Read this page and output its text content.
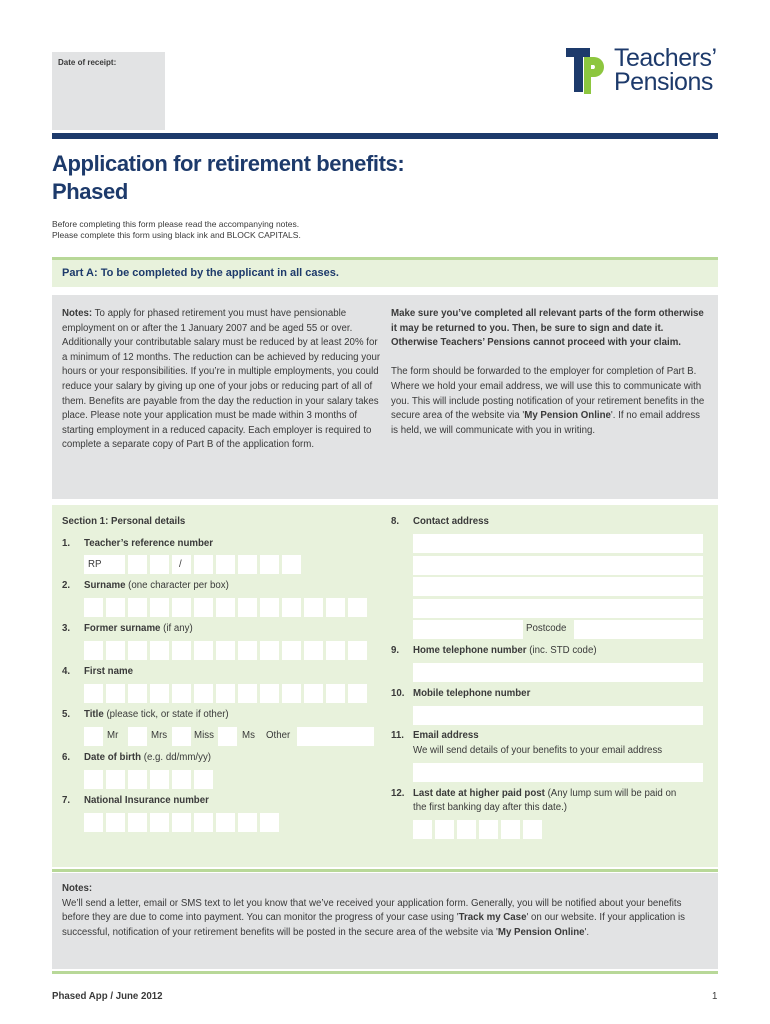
Date of receipt:	Teachers’
Pensions
Application for retirement benefits:
Phased
Before completing this form please read the accompanying notes.
Please complete this form using black ink and BLOCK CAPITALS.
Part A: To be completed by the applicant in all cases.
Notes: To apply for phased retirement you must have pensionable employment on or after the 1 January 2007 and be aged 55 or over. Additionally your contributable salary must be reduced by at least 20% for a minimum of 12 months. The reduction can be achieved by reducing your hours or your responsibilities. If you’re in multiple employments, you could reduce your salary by giving up one of your jobs or reducing part of all of them. Benefits are payable from the day the reduction in your salary takes place. Please note your application must be made within 3 months of starting employment in a reduced capacity. Each employer is required to complete a separate copy of Part B of the application form.
Make sure you’ve completed all relevant parts of the form otherwise it may be returned to you. Then, be sure to sign and date it. Otherwise Teachers’ Pensions cannot proceed with your claim.
The form should be forwarded to the employer for completion of Part B. Where we hold your email address, we will use this to communicate with you. This will include posting notification of your retirement benefits in the secure area of the website via 'My Pension Online'. If no email address is held, we will communicate with you in writing.
Section 1: Personal details
1. Teacher’s reference number
RP	/
2. Surname (one character per box)
3. Former surname (if any)
4. First name
5. Title (please tick, or state if other)
Mr	Mrs	Miss	Ms Other
6. Date of birth (e.g. dd/mm/yy)
7. National Insurance number
8. Contact address
Postcode
9. Home telephone number (inc. STD code)
10. Mobile telephone number
11. Email address
We will send details of your benefits to your email address
12. Last date at higher paid post (Any lump sum will be paid on
the first banking day after this date.)
Notes:
We’ll send a letter, email or SMS text to let you know that we’ve received your application form. Generally, you will be notified about your benefits before they are due to come into payment. You can monitor the progress of your case using 'Track my Case' on our website. If your application is successful, notification of your retirement benefits will be posted in the secure area of the website via 'My Pension Online'.
Phased App / June 2012	1
